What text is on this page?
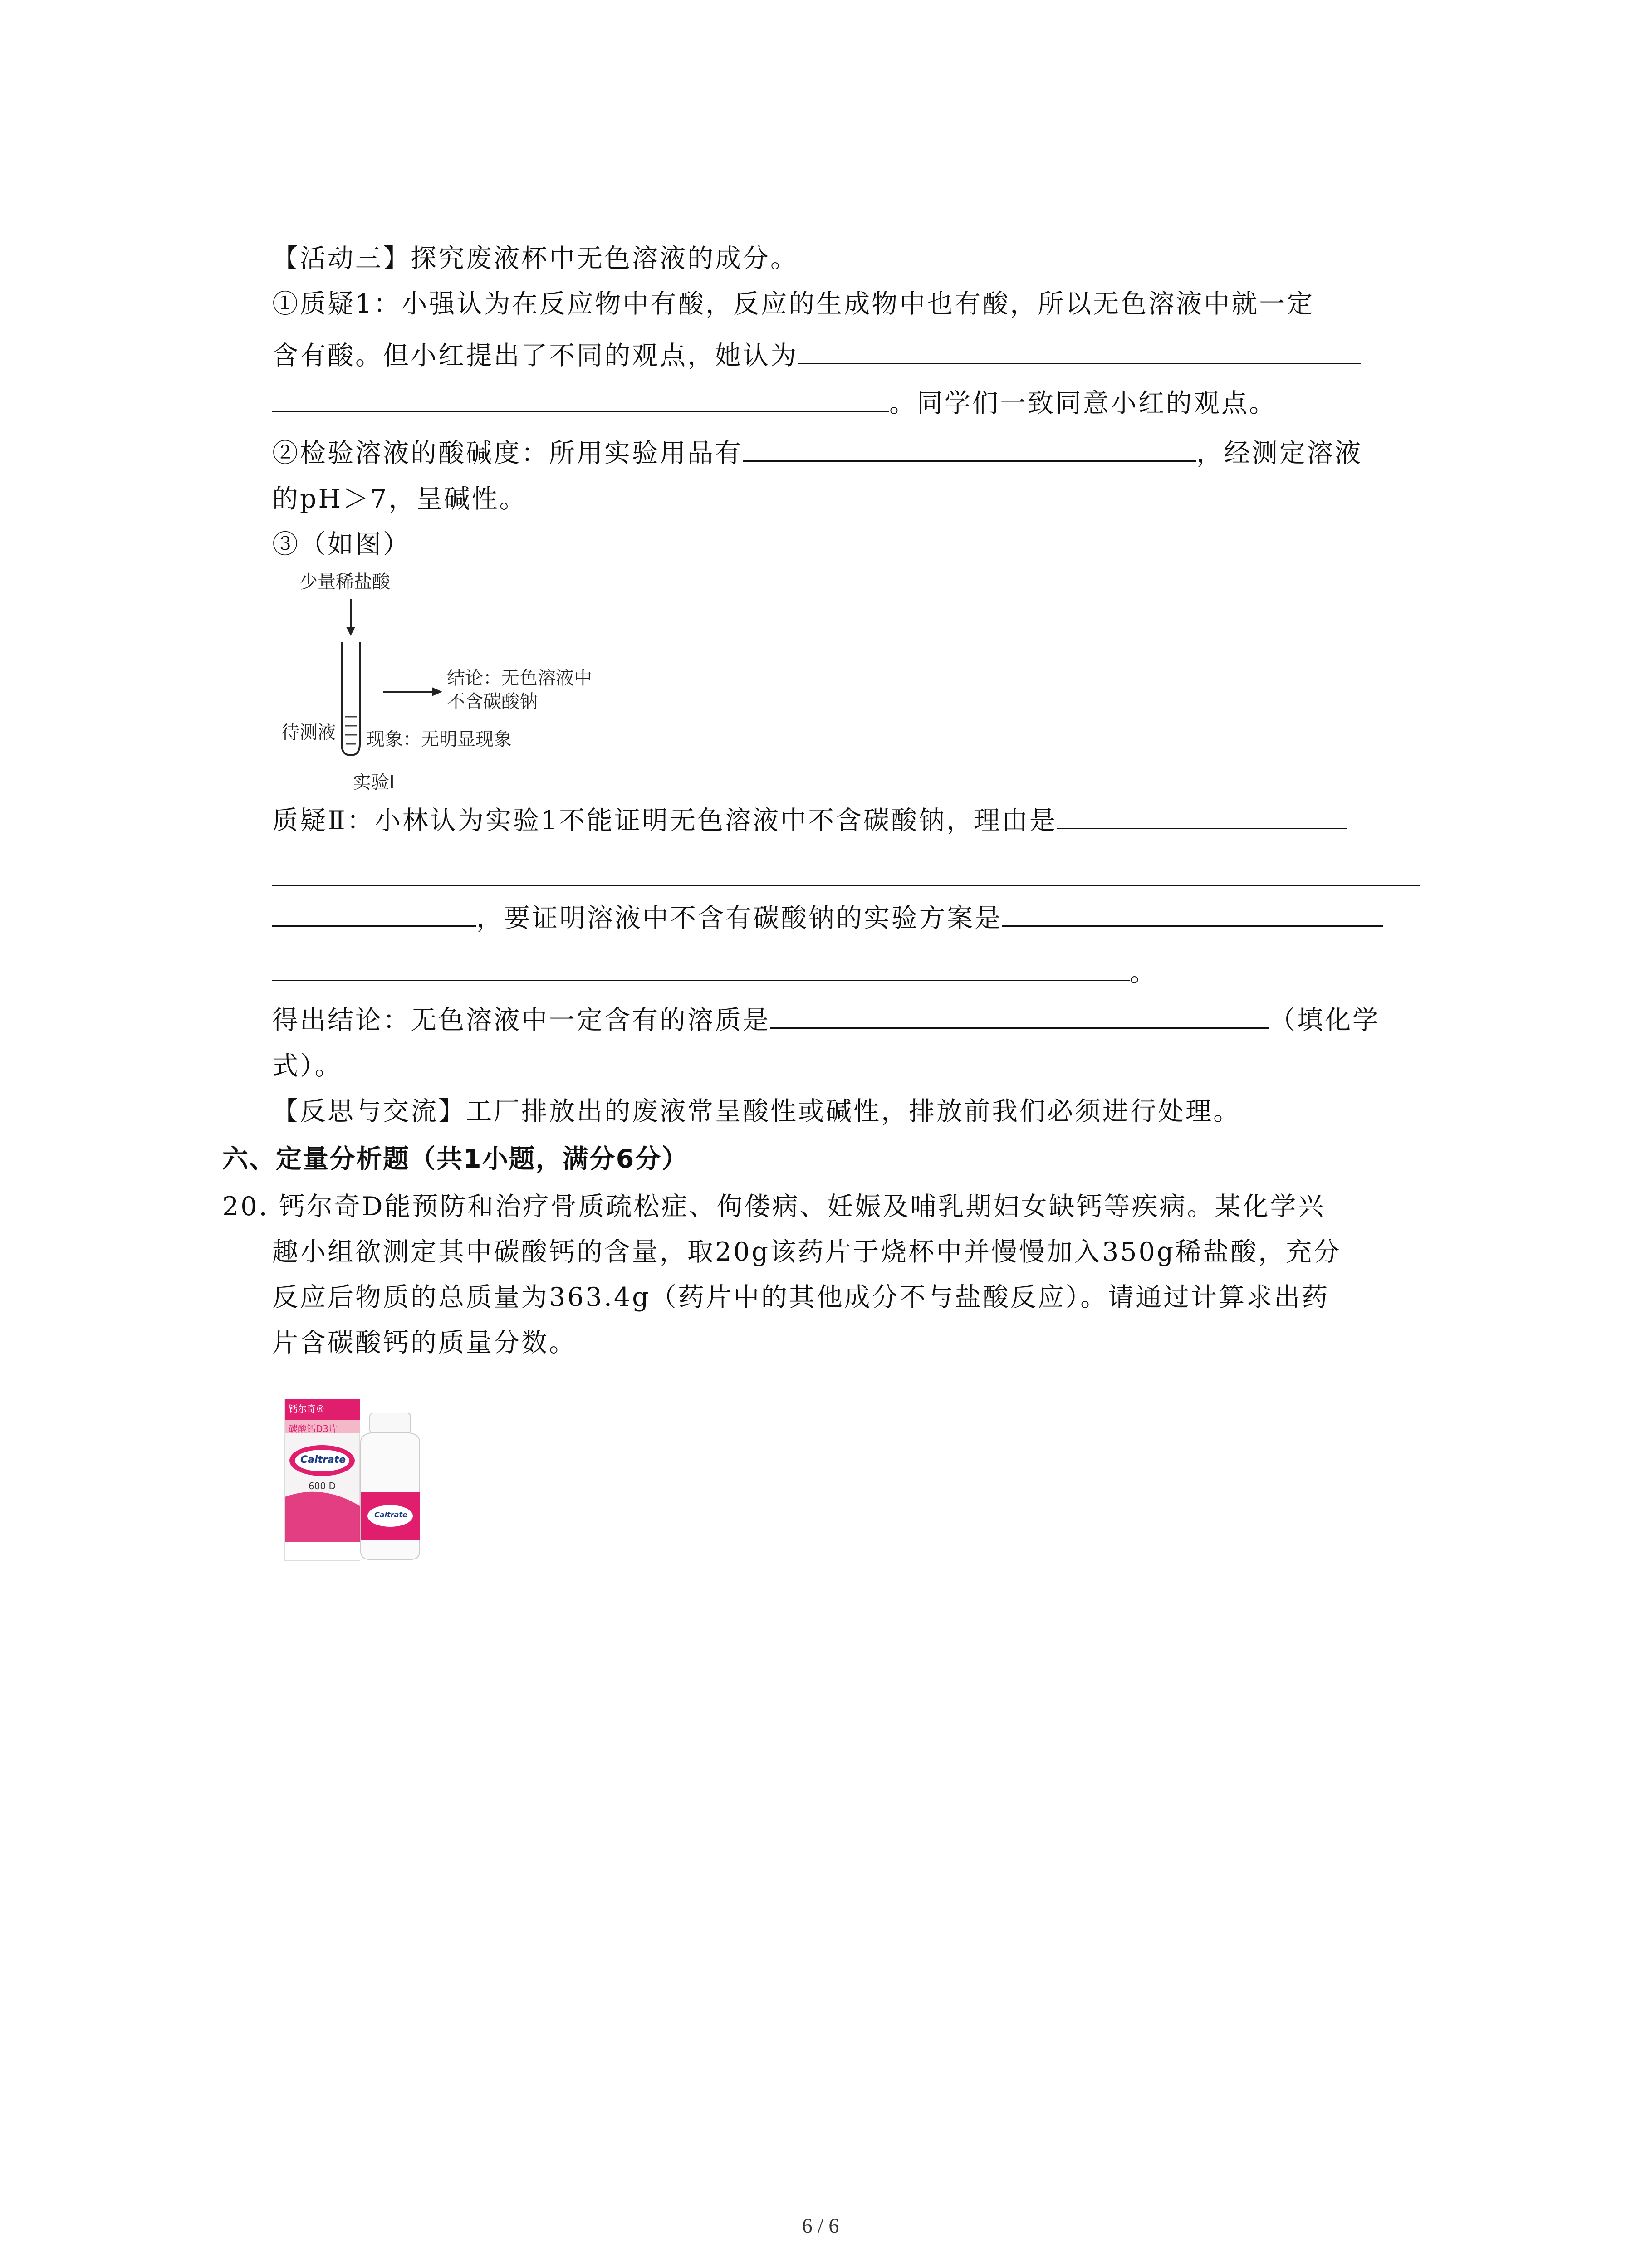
【活动三】探究废液杯中无色溶液的成分。
①质疑1：小强认为在反应物中有酸，反应的生成物中也有酸，所以无色溶液中就一定
含有酸。但小红提出了不同的观点，她认为
。同学们一致同意小红的观点。
②检验溶液的酸碱度：所用实验用品有	，经测定溶液
的pH＞7，呈碱性。
③（如图）
少量稀盐酸
结论：无色溶液中
不含碳酸钠
待测液 现象：无明显现象
实验Ⅰ
质疑Ⅱ：小林认为实验1不能证明无色溶液中不含碳酸钠，理由是
，要证明溶液中不含有碳酸钠的实验方案是
。
得出结论：无色溶液中一定含有的溶质是	（填化学
式）。
【反思与交流】工厂排放出的废液常呈酸性或碱性，排放前我们必须进行处理。
六、定量分析题（共1小题，满分6分）
20. 钙尔奇D能预防和治疗骨质疏松症、佝偻病、妊娠及哺乳期妇女缺钙等疾病。某化学兴
趣小组欲测定其中碳酸钙的含量，取20g该药片于烧杯中并慢慢加入350g稀盐酸，充分
反应后物质的总质量为363.4g（药片中的其他成分不与盐酸反应）。请通过计算求出药
片含碳酸钙的质量分数。
钙尔奇®
碳酸钙D3片
Caltrate
600 D
Caltrate
6 / 6
